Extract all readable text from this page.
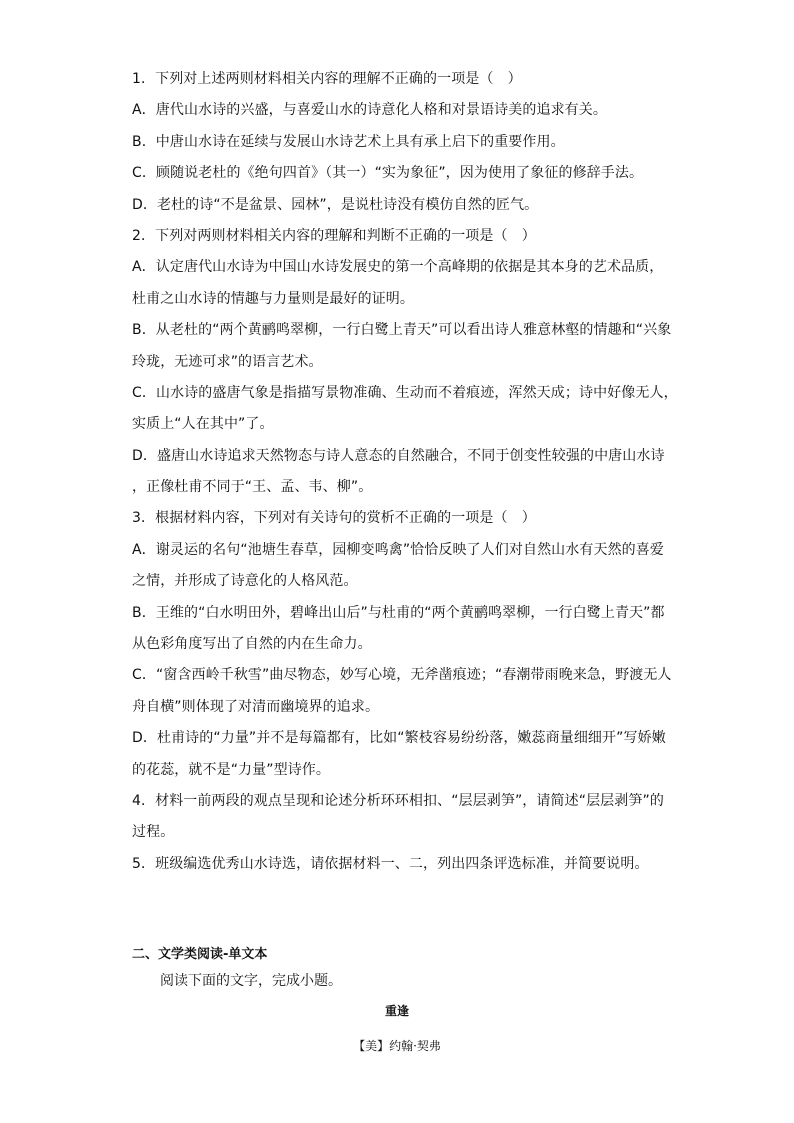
1．下列对上述两则材料相关内容的理解不正确的一项是（　）
A．唐代山水诗的兴盛，与喜爱山水的诗意化人格和对景语诗美的追求有关。
B．中唐山水诗在延续与发展山水诗艺术上具有承上启下的重要作用。
C．顾随说老杜的《绝句四首》（其一）“实为象征”，因为使用了象征的修辞手法。
D．老杜的诗“不是盆景、园林”，是说杜诗没有模仿自然的匠气。
2．下列对两则材料相关内容的理解和判断不正确的一项是（　）
A．认定唐代山水诗为中国山水诗发展史的第一个高峰期的依据是其本身的艺术品质，
杜甫之山水诗的情趣与力量则是最好的证明。
B．从老杜的“两个黄鹂鸣翠柳，一行白鹭上青天”可以看出诗人雅意林壑的情趣和“兴象
玲珑，无迹可求”的语言艺术。
C．山水诗的盛唐气象是指描写景物准确、生动而不着痕迹，浑然天成；诗中好像无人，
实质上“人在其中”了。
D．盛唐山水诗追求天然物态与诗人意态的自然融合，不同于创变性较强的中唐山水诗
，正像杜甫不同于“王、孟、韦、柳”。
3．根据材料内容，下列对有关诗句的赏析不正确的一项是（　）
A．谢灵运的名句“池塘生春草，园柳变鸣禽”恰恰反映了人们对自然山水有天然的喜爱
之情，并形成了诗意化的人格风范。
B．王维的“白水明田外，碧峰出山后”与杜甫的“两个黄鹂鸣翠柳，一行白鹭上青天”都
从色彩角度写出了自然的内在生命力。
C．“窗含西岭千秋雪”曲尽物态，妙写心境，无斧凿痕迹；“春潮带雨晚来急，野渡无人
舟自横”则体现了对清而幽境界的追求。
D．杜甫诗的“力量”并不是每篇都有，比如“繁枝容易纷纷落，嫩蕊商量细细开”写娇嫩
的花蕊，就不是“力量”型诗作。
4．材料一前两段的观点呈现和论述分析环环相扣、“层层剥笋”，请简述“层层剥笋”的
过程。
5．班级编选优秀山水诗选，请依据材料一、二，列出四条评选标准，并简要说明。
二、文学类阅读-单文本
阅读下面的文字，完成小题。
重逢
【美】约翰·契弗
